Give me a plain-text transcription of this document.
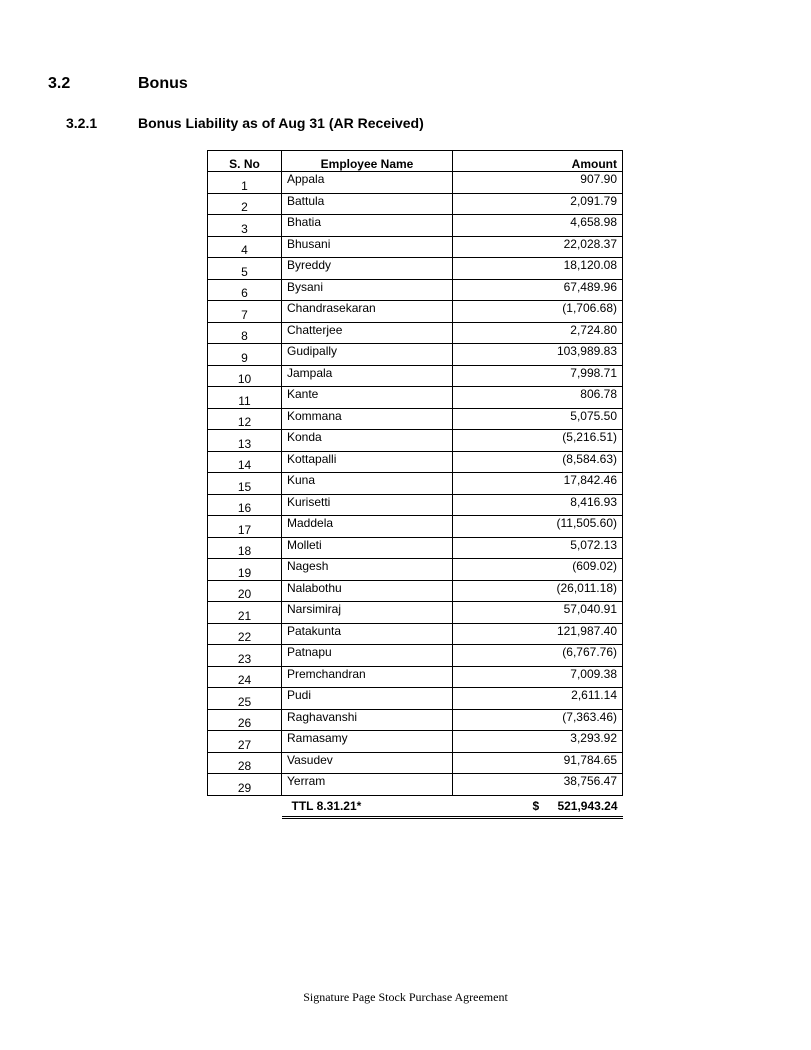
3.2	Bonus
3.2.1	Bonus Liability as of Aug 31 (AR Received)
S. No	Employee Name	Amount
1	Appala	907.90
2	Battula	2,091.79
3	Bhatia	4,658.98
4	Bhusani	22,028.37
5	Byreddy	18,120.08
6	Bysani	67,489.96
7	Chandrasekaran	(1,706.68)
8	Chatterjee	2,724.80
9	Gudipally	103,989.83
10	Jampala	7,998.71
11	Kante	806.78
12	Kommana	5,075.50
13	Konda	(5,216.51)
14	Kottapalli	(8,584.63)
15	Kuna	17,842.46
16	Kurisetti	8,416.93
17	Maddela	(11,505.60)
18	Molleti	5,072.13
19	Nagesh	(609.02)
20	Nalabothu	(26,011.18)
21	Narsimiraj	57,040.91
22	Patakunta	121,987.40
23	Patnapu	(6,767.76)
24	Premchandran	7,009.38
25	Pudi	2,611.14
26	Raghavanshi	(7,363.46)
27	Ramasamy	3,293.92
28	Vasudev	91,784.65
29	Yerram	38,756.47
	TTL 8.31.21*	$ 521,943.24
Signature Page Stock Purchase Agreement
